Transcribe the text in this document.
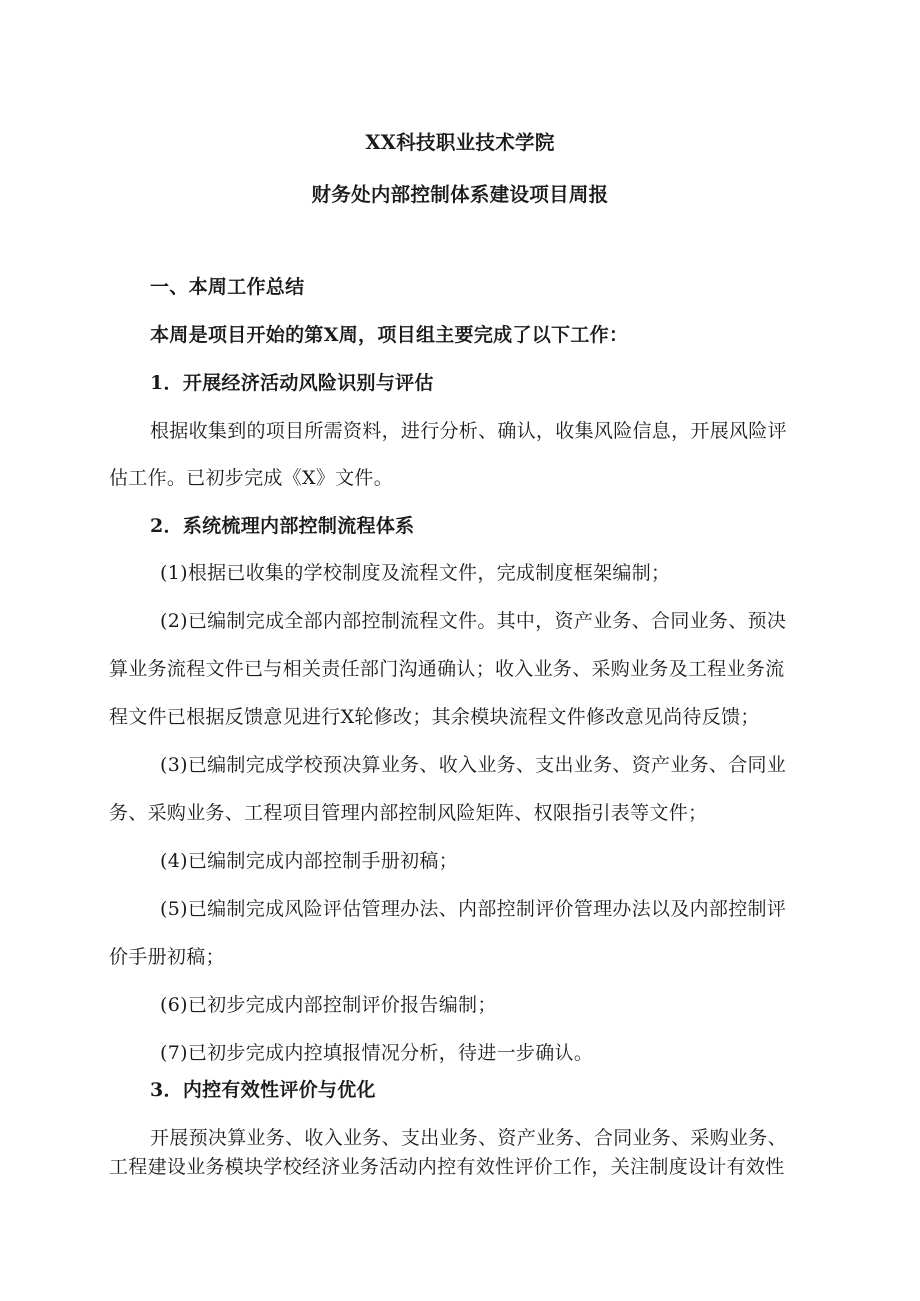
XX科技职业技术学院
财务处内部控制体系建设项目周报
一、本周工作总结
本周是项目开始的第X周，项目组主要完成了以下工作：
1．开展经济活动风险识别与评估
根据收集到的项目所需资料，进行分析、确认，收集风险信息，开展风险评
估工作。已初步完成《X》文件。
2．系统梳理内部控制流程体系
(1)根据已收集的学校制度及流程文件，完成制度框架编制；
(2)已编制完成全部内部控制流程文件。其中，资产业务、合同业务、预决
算业务流程文件已与相关责任部门沟通确认；收入业务、采购业务及工程业务流
程文件已根据反馈意见进行X轮修改；其余模块流程文件修改意见尚待反馈；
(3)已编制完成学校预决算业务、收入业务、支出业务、资产业务、合同业
务、采购业务、工程项目管理内部控制风险矩阵、权限指引表等文件；
(4)已编制完成内部控制手册初稿；
(5)已编制完成风险评估管理办法、内部控制评价管理办法以及内部控制评
价手册初稿；
(6)已初步完成内部控制评价报告编制；
(7)已初步完成内控填报情况分析，待进一步确认。
3．内控有效性评价与优化
开展预决算业务、收入业务、支出业务、资产业务、合同业务、采购业务、
工程建设业务模块学校经济业务活动内控有效性评价工作，关注制度设计有效性
